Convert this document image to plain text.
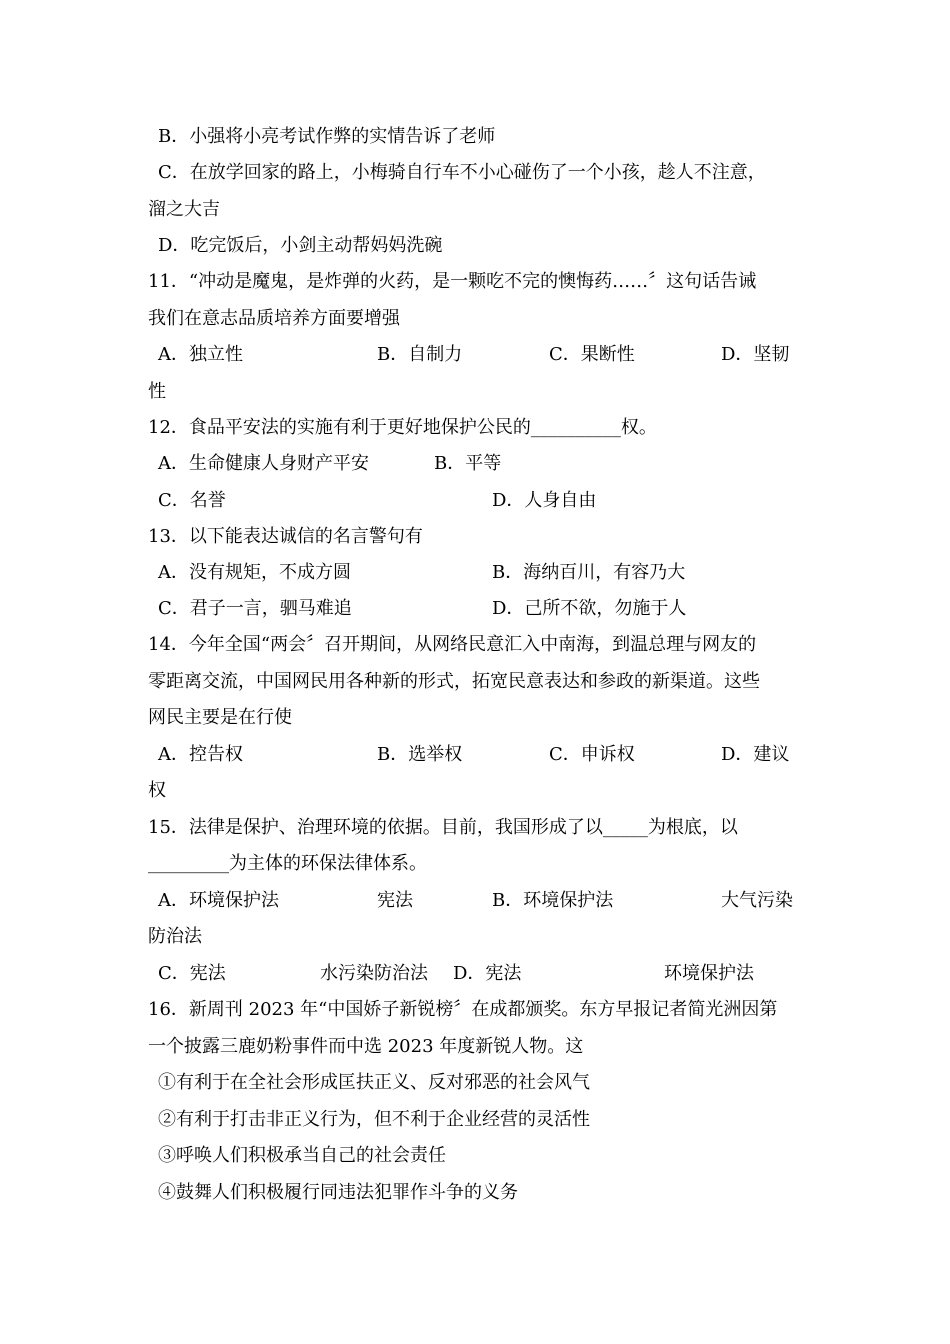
B．小强将小亮考试作弊的实情告诉了老师
C．在放学回家的路上，小梅骑自行车不小心碰伤了一个小孩，趁人不注意，
溜之大吉
D．吃完饭后，小剑主动帮妈妈洗碗
11．“冲动是魔鬼，是炸弹的火药，是一颗吃不完的懊悔药……〞这句话告诫
我们在意志品质培养方面要增强
A．独立性	B．自制力	C．果断性	D．坚韧
性
12．食品平安法的实施有利于更好地保护公民的__________权。
A．生命健康人身财产平安	B．平等
C．名誉	D．人身自由
13．以下能表达诚信的名言警句有
A．没有规矩，不成方圆	B．海纳百川，有容乃大
C．君子一言，驷马难追	D．己所不欲，勿施于人
14．今年全国“两会〞召开期间，从网络民意汇入中南海，到温总理与网友的
零距离交流，中国网民用各种新的形式，拓宽民意表达和参政的新渠道。这些
网民主要是在行使
A．控告权	B．选举权	C．申诉权	D．建议
权
15．法律是保护、治理环境的依据。目前，我国形成了以_____为根底，以
_________为主体的环保法律体系。
A．环境保护法	宪法	B．环境保护法	大气污染
防治法
C．宪法	水污染防治法 D．宪法	环境保护法
16．新周刊 2023 年“中国娇子新锐榜〞在成都颁奖。东方早报记者简光洲因第
一个披露三鹿奶粉事件而中选 2023 年度新锐人物。这
①有利于在全社会形成匡扶正义、反对邪恶的社会风气
②有利于打击非正义行为，但不利于企业经营的灵活性
③呼唤人们积极承当自己的社会责任
④鼓舞人们积极履行同违法犯罪作斗争的义务
